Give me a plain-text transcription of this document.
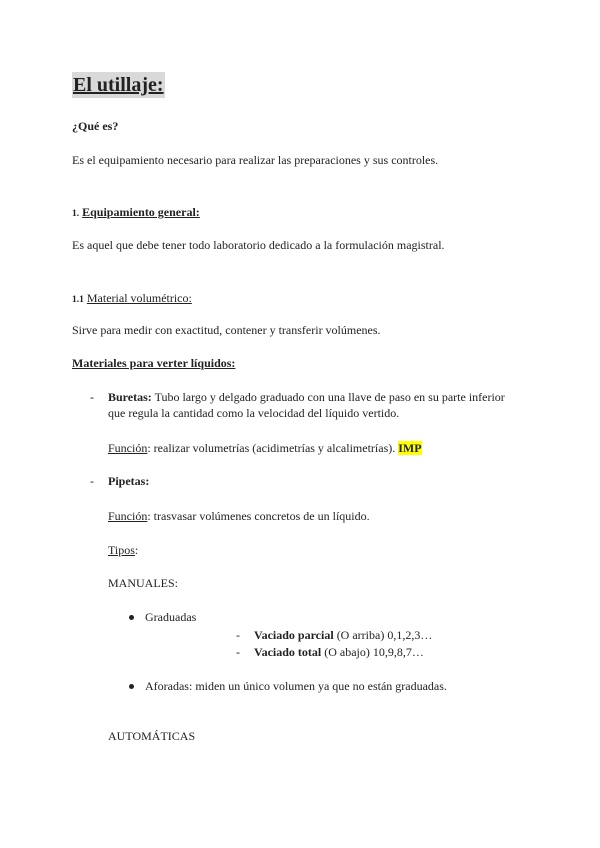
El utillaje:
¿Qué es?
Es el equipamiento necesario para realizar las preparaciones y sus controles.
1. Equipamiento general:
Es aquel que debe tener todo laboratorio dedicado a la formulación magistral.
1.1 Material volumétrico:
Sirve para medir con exactitud, contener y transferir volúmenes.
Materiales para verter líquidos:
- Buretas: Tubo largo y delgado graduado con una llave de paso en su parte inferior
que regula la cantidad como la velocidad del líquido vertido.
Función: realizar volumetrías (acidimetrías y alcalimetrías). IMP
- Pipetas:
Función: trasvasar volúmenes concretos de un líquido.
Tipos:
MANUALES:
Graduadas
- Vaciado parcial (O arriba) 0,1,2,3…
- Vaciado total (O abajo) 10,9,8,7…
Aforadas: miden un único volumen ya que no están graduadas.
AUTOMÁTICAS
